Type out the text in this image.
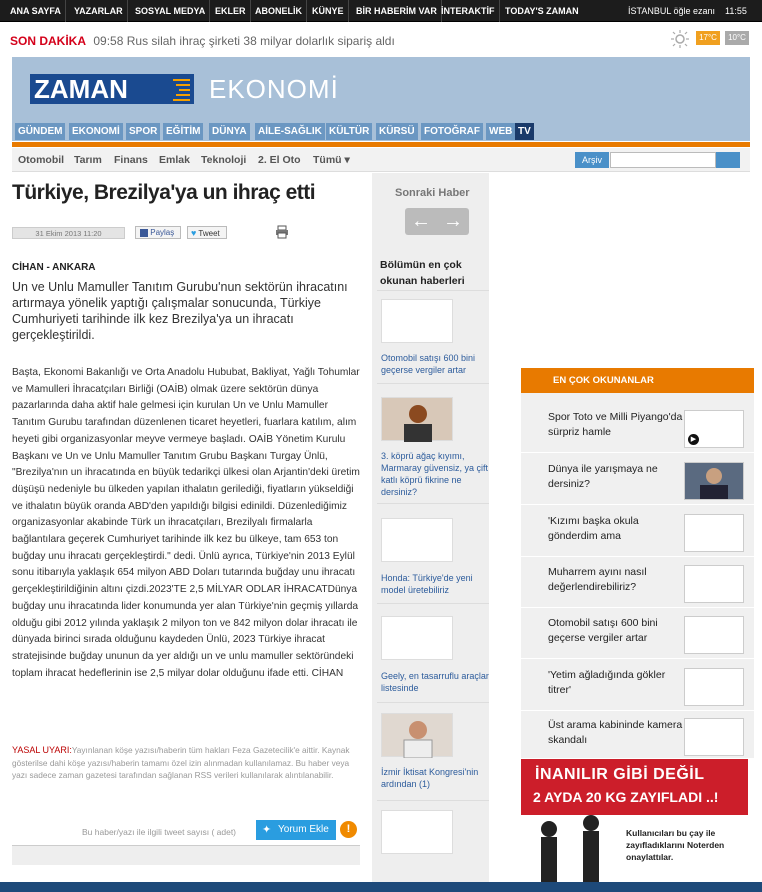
ANA SAYFA	YAZARLAR	SOSYAL MEDYA	EKLER	ABONELİK	KÜNYE	BİR HABERİM VAR İNTERAKTİF	TODAY'S ZAMAN	İSTANBUL öğle ezanı 11:55
SON DAKİKA 09:58 Rus silah ihraç şirketi 38 milyar dolarlık sipariş aldı	17°C	10°C
ZAMAN	EKONOMİ
GÜNDEM EKONOMİ SPOR EĞİTİM	DÜNYA	AİLE-SAĞLIK KÜLTÜR KÜRSÜ FOTOĞRAF WEB TV
Otomobil Tarım Finans Emlak Teknoloji 2. El Oto Tümü ▾	Arşiv
Türkiye, Brezilya'ya un ihraç etti
31 Ekim 2013 11:20	Paylaş	♥ Tweet
CİHAN - ANKARA

Un ve Unlu Mamuller Tanıtım Gurubu'nun sektörün ihracatını artırmaya yönelik yaptığı çalışmalar sonucunda, Türkiye Cumhuriyeti tarihinde ilk kez Brezilya'ya un ihracatı gerçekleştirildi.

Başta, Ekonomi Bakanlığı ve Orta Anadolu Hububat, Bakliyat, Yağlı Tohumlar ve Mamulleri İhracatçıları Birliği (OAİB) olmak üzere sektörün dünya pazarlarında daha aktif hale gelmesi için kurulan Un ve Unlu Mamuller Tanıtım Gurubu tarafından düzenlenen ticaret heyetleri, fuarlara katılım, alım heyeti gibi organizasyonlar meyve vermeye başladı. OAİB Yönetim Kurulu Başkanı ve Un ve Unlu Mamuller Tanıtım Grubu Başkanı Turgay Ünlü, "Brezilya'nın un ihracatında en büyük tedarikçi ülkesi olan Arjantin'deki üretim düşüşü nedeniyle bu ülkeden yapılan ithalatın gerilediği, fiyatların yükseldiği ve ithalatın büyük oranda ABD'den yapıldığı bilgisi edinildi. Düzenlediğimiz organizasyonlar akabinde Türk un ihracatçıları, Brezilyalı firmalarla bağlantılara geçerek Cumhuriyet tarihinde ilk kez bu ülkeye, tam 653 ton buğday unu ihracatı gerçekleştirdi." dedi. Ünlü ayrıca, Türkiye'nin 2013 Eylül sonu itibarıyla yaklaşık 654 milyon ABD Doları tutarında buğday unu ihracatı gerçekleştirildiğinin altını çizdi.2023'TE 2,5 MİLYAR ODLAR İHRACATDünya buğday unu ihracatında lider konumunda yer alan Türkiye'nin geçmiş yıllarda olduğu gibi 2012 yılında yaklaşık 2 milyon ton ve 842 milyon dolar ihracatı ile dünyada birinci sırada olduğunu kaydeden Ünlü, 2023 Türkiye ihracat stratejisinde buğday ununun da yer aldığı un ve unlu mamuller sektöründeki toplam ihracat hedeflerinin ise 2,5 milyar dolar olduğunu ifade etti. CİHAN

YASAL UYARI:Yayınlanan köşe yazısı/haberin tüm hakları Feza Gazetecilik'e aittir. Kaynak gösterilse dahi köşe yazısı/haberin tamamı özel izin alınmadan kullanılamaz. Bu haber veya yazı sadece zaman gazetesi tarafından sağlanan RSS verileri kullanılarak alıntılanabilir.

Bu haber/yazı ile ilgili tweet sayısı ( adet) ✦ Yorum Ekle	!
Sonraki Haber
← →
Bölümün en çok okunan haberleri
Otomobil satışı 600 bini geçerse vergiler artar
3. köprü ağaç kıyımı, Marmaray güvensiz, ya çift katlı köprü fikrine ne dersiniz?
Honda: Türkiye'de yeni model üretebiliriz
Geely, en tasarruflu araçlar listesinde
İzmir İktisat Kongresi'nin ardından (1)
EN ÇOK OKUNANLAR
Spor Toto ve Milli Piyango'da sürpriz hamle
▶
Dünya ile yarışmaya ne dersiniz?
'Kızımı başka okula gönderdim ama
Muharrem ayını nasıl değerlendirebiliriz?
Otomobil satışı 600 bini geçerse vergiler artar
'Yetim ağladığında gökler titrer'
Üst arama kabininde kamera skandalı
İNANILIR GİBİ DEĞİL
2 AYDA 20 KG ZAYIFLADI ..!
Kullanıcıları bu çay ile zayıfladıklarını Noterden onaylattılar.
